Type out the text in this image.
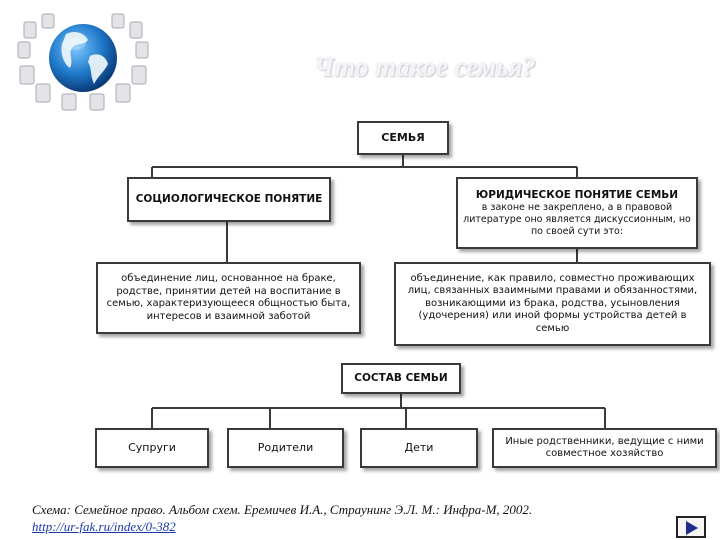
Что такое семья?
СЕМЬЯ
СОЦИОЛОГИЧЕСКОЕ ПОНЯТИЕ	ЮРИДИЧЕСКОЕ ПОНЯТИЕ СЕМЬИ
в законе не закреплено, а в правовой литературе оно является дискуссионным, но по своей сути это:
объединение лиц, основанное на браке, родстве, принятии детей на воспитание в семью, характеризующееся общностью быта, интересов и взаимной заботой
объединение, как правило, совместно проживающих лиц, связанных взаимными правами и обязанностями, возникающими из брака, родства, усыновления (удочерения) или иной формы устройства детей в семью
СОСТАВ СЕМЬИ
Супруги	Родители	Дети
Иные родственники, ведущие с ними совместное хозяйство
Схема: Семейное право. Альбом схем. Еремичев И.А., Страунинг Э.Л. М.: Инфра-М, 2002.
http://ur-fak.ru/index/0-382
